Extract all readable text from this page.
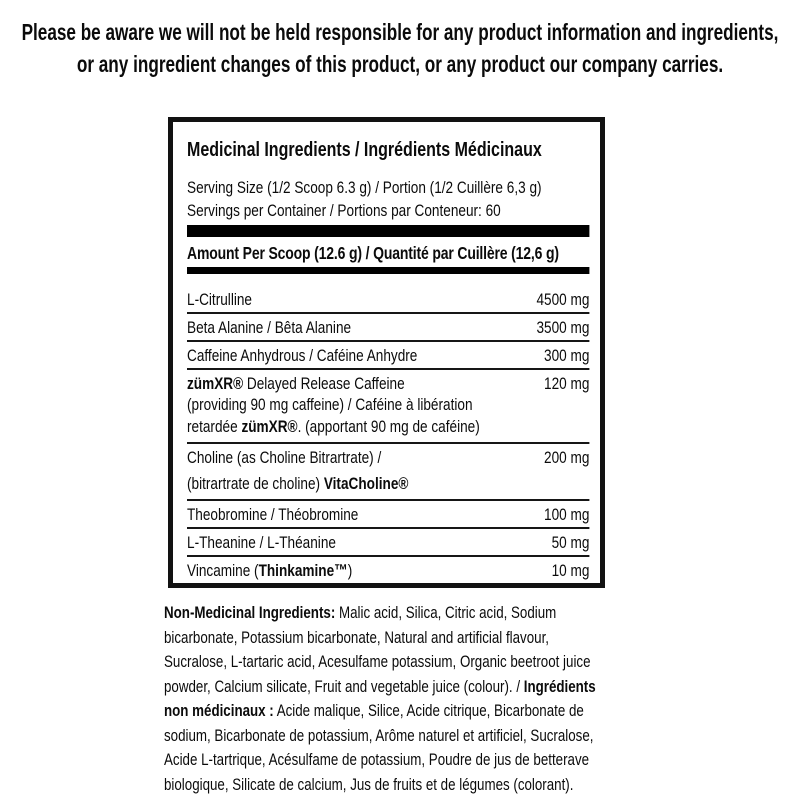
Please be aware we will not be held responsible for any product information and ingredients,
or any ingredient changes of this product, or any product our company carries.
Medicinal Ingredients / Ingrédients Médicinaux
Serving Size (1/2 Scoop 6.3 g) / Portion (1/2 Cuillère 6,3 g)
Servings per Container / Portions par Conteneur: 60
Amount Per Scoop (12.6 g) / Quantité par Cuillère (12,6 g)
L-Citrulline	4500 mg
Beta Alanine / Bêta Alanine	3500 mg
Caffeine Anhydrous / Caféine Anhydre	300 mg
zümXR® Delayed Release Caffeine	120 mg
(providing 90 mg caffeine) / Caféine à libération
retardée zümXR®. (apportant 90 mg de caféine)
Choline (as Choline Bitrartrate) /	200 mg
(bitrartrate de choline) VitaCholine®
Theobromine / Théobromine	100 mg
L-Theanine / L-Théanine	50 mg
Vincamine (Thinkamine™)	10 mg
Non-Medicinal Ingredients: Malic acid, Silica, Citric acid, Sodium
bicarbonate, Potassium bicarbonate, Natural and artificial flavour,
Sucralose, L-tartaric acid, Acesulfame potassium, Organic beetroot juice
powder, Calcium silicate, Fruit and vegetable juice (colour). / Ingrédients
non médicinaux : Acide malique, Silice, Acide citrique, Bicarbonate de
sodium, Bicarbonate de potassium, Arôme naturel et artificiel, Sucralose,
Acide L-tartrique, Acésulfame de potassium, Poudre de jus de betterave
biologique, Silicate de calcium, Jus de fruits et de légumes (colorant).
